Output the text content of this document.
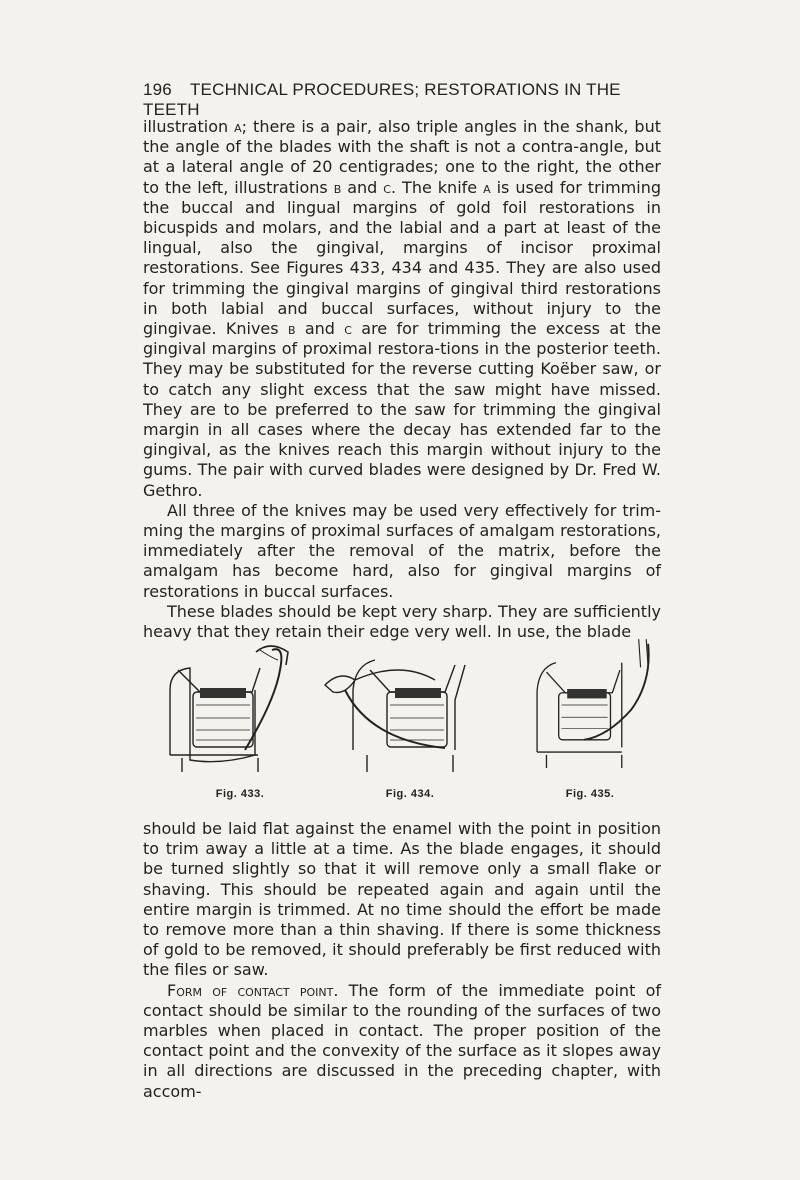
196 TECHNICAL PROCEDURES; RESTORATIONS IN THE TEETH

illustration a; there is a pair, also triple angles in the shank, but the angle of the blades with the shaft is not a contra-angle, but at a lateral angle of 20 centigrades; one to the right, the other to the left, illustrations b and c. The knife a is used for trimming the buccal and lingual margins of gold foil restorations in bicuspids and molars, and the labial and a part at least of the lingual, also the gingival, margins of incisor proximal restorations. See Figures 433, 434 and 435. They are also used for trimming the gingival margins of gingival third restorations in both labial and buccal surfaces, without injury to the gingivae. Knives b and c are for trimming the excess at the gingival margins of proximal restora-tions in the posterior teeth. They may be substituted for the reverse cutting Koëber saw, or to catch any slight excess that the saw might have missed. They are to be preferred to the saw for trimming the gingival margin in all cases where the decay has extended far to the gingival, as the knives reach this margin without injury to the gums. The pair with curved blades were designed by Dr. Fred W. Gethro.

All three of the knives may be used very effectively for trim-ming the margins of proximal surfaces of amalgam restorations, immediately after the removal of the matrix, before the amalgam has become hard, also for gingival margins of restorations in buccal surfaces.

These blades should be kept very sharp. They are sufficiently heavy that they retain their edge very well. In use, the blade

Fig. 433.	Fig. 434.	Fig. 435.

should be laid flat against the enamel with the point in position to trim away a little at a time. As the blade engages, it should be turned slightly so that it will remove only a small flake or shaving. This should be repeated again and again until the entire margin is trimmed. At no time should the effort be made to remove more than a thin shaving. If there is some thickness of gold to be removed, it should preferably be first reduced with the files or saw.

Form of contact point. The form of the immediate point of contact should be similar to the rounding of the surfaces of two marbles when placed in contact. The proper position of the contact point and the convexity of the surface as it slopes away in all directions are discussed in the preceding chapter, with accom-
